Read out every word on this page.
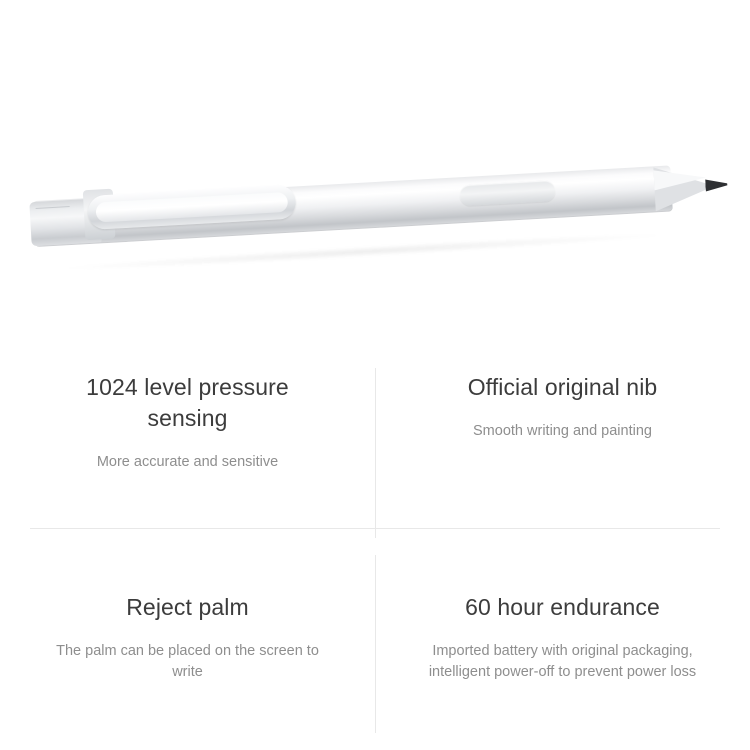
1024 level pressure sensing
More accurate and sensitive
Official original nib
Smooth writing and painting
Reject palm
The palm can be placed on the screen to write
60 hour endurance
Imported battery with original packaging, intelligent power-off to prevent power loss
